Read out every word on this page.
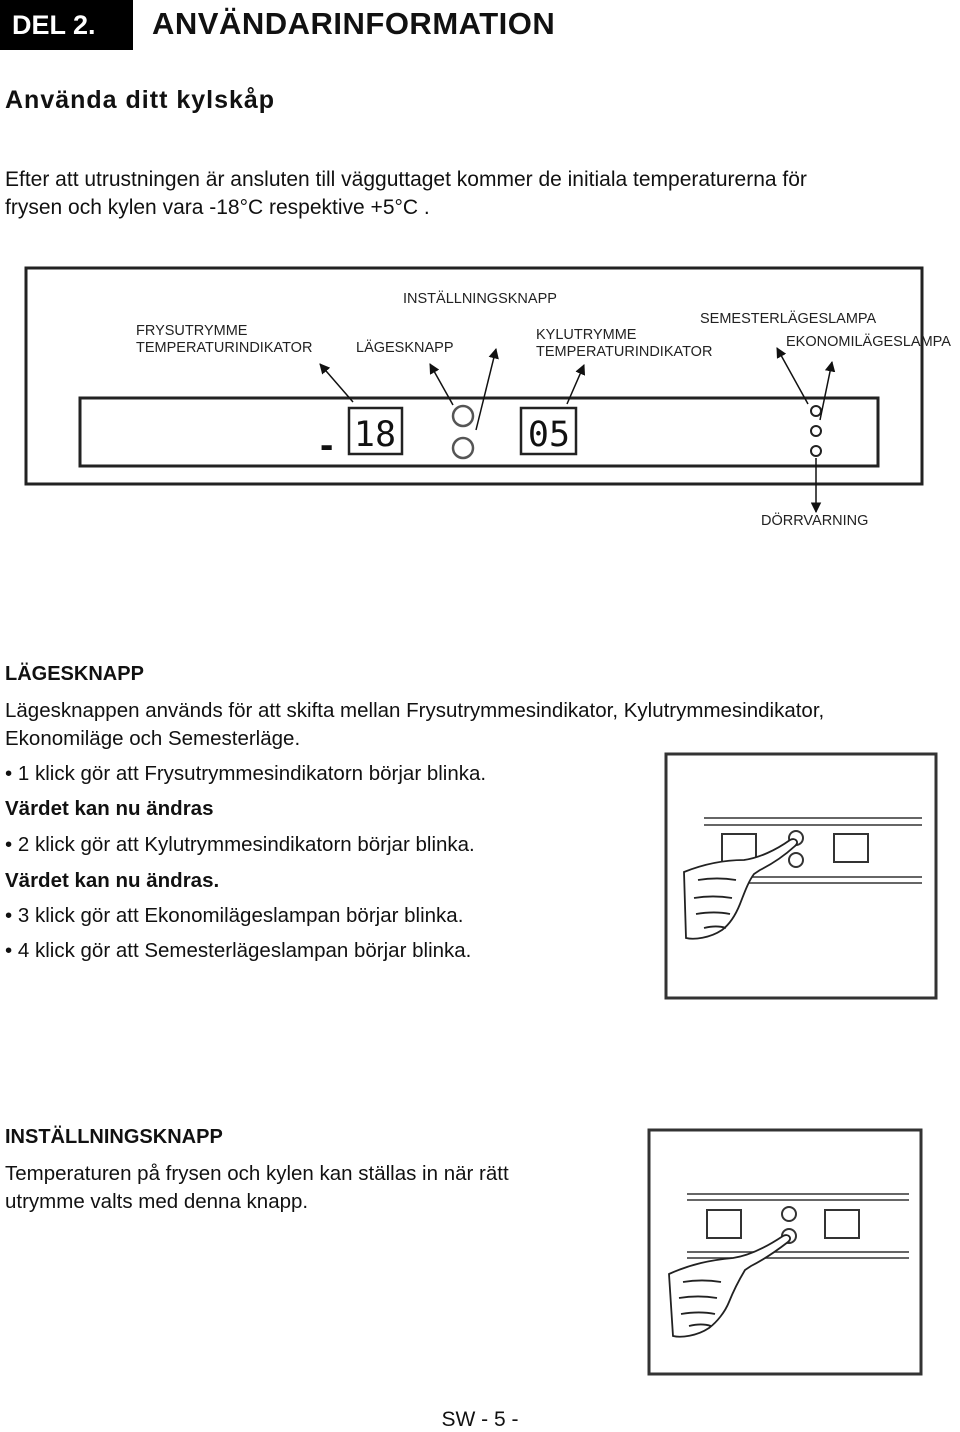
DEL 2.	ANVÄNDARINFORMATION
Använda ditt kylskåp
Efter att utrustningen är ansluten till vägguttaget kommer de initiala temperaturerna för
frysen och kylen vara -18°C respektive +5°C .
- 18	05
INSTÄLLNINGSKNAPP
SEMESTERLÄGESLAMPA
FRYSUTRYMME
TEMPERATURINDIKATOR	LÄGESKNAPP
KYLUTRYMME
TEMPERATURINDIKATOR
EKONOMILÄGESLAMPA
DÖRRVARNING
LÄGESKNAPP
Lägesknappen används för att skifta mellan Frysutrymmesindikator, Kylutrymmesindikator,
Ekonomiläge och Semesterläge.
• 1 klick gör att Frysutrymmesindikatorn börjar blinka.
Värdet kan nu ändras
• 2 klick gör att Kylutrymmesindikatorn börjar blinka.
Värdet kan nu ändras.
• 3 klick gör att Ekonomilägeslampan börjar blinka.
• 4 klick gör att Semesterlägeslampan börjar blinka.
INSTÄLLNINGSKNAPP
Temperaturen på frysen och kylen kan ställas in när rätt
utrymme valts med denna knapp.
SW - 5 -
